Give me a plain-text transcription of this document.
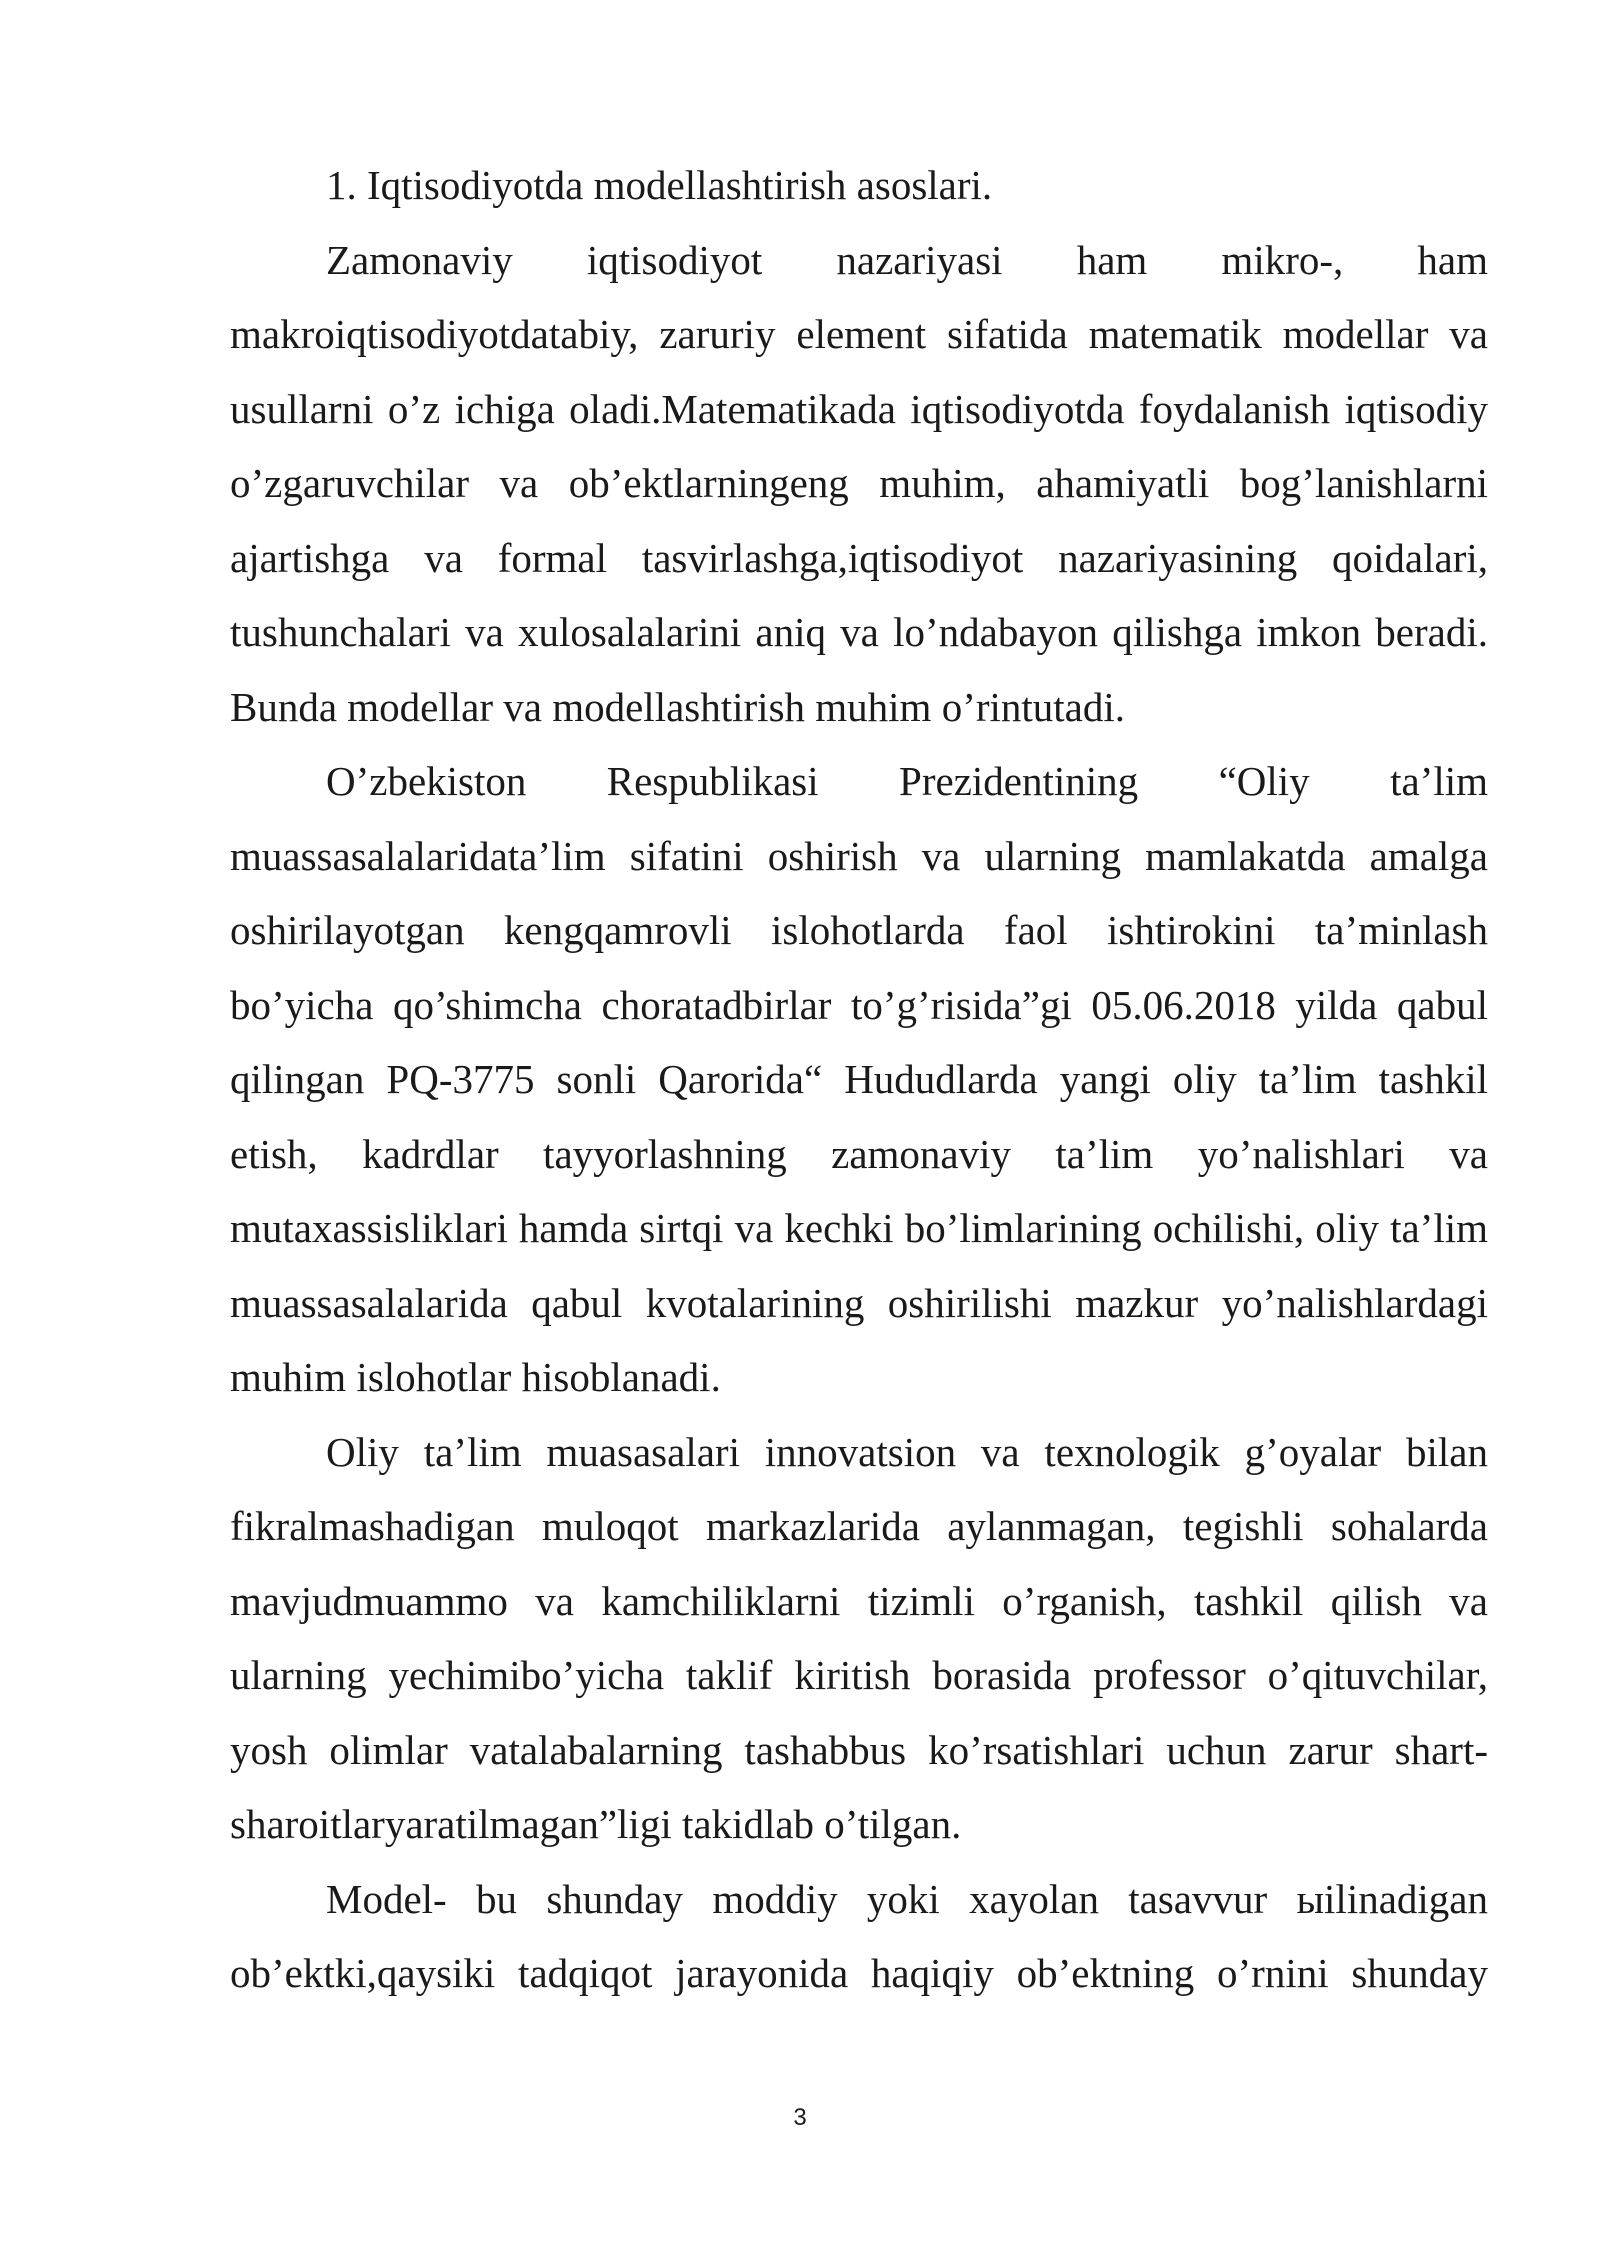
1. Iqtisodiyotda modellashtirish asoslari.

Zamonaviy iqtisodiyot nazariyasi ham mikro-, ham makroiqtisodiyotdatabiy, zaruriy element sifatida matematik modellar va usullarni o’z ichiga oladi.Matematikada iqtisodiyotda foydalanish iqtisodiy o’zgaruvchilar va ob’ektlarningeng muhim, ahamiyatli bog’lanishlarni ajartishga va formal tasvirlashga,iqtisodiyot nazariyasining qoidalari, tushunchalari va xulosalalarini aniq va lo’ndabayon qilishga imkon beradi. Bunda modellar va modellashtirish muhim o’rintutadi.

O’zbekiston Respublikasi Prezidentining “Oliy ta’lim muassasalalaridata’lim sifatini oshirish va ularning mamlakatda amalga oshirilayotgan kengqamrovli islohotlarda faol ishtirokini ta’minlash bo’yicha qo’shimcha choratadbirlar to’g’risida”gi 05.06.2018 yilda qabul qilingan PQ-3775 sonli Qarorida“ Hududlarda yangi oliy ta’lim tashkil etish, kadrdlar tayyorlashning zamonaviy ta’lim yo’nalishlari va mutaxassisliklari hamda sirtqi va kechki bo’limlarining ochilishi, oliy ta’lim muassasalalarida qabul kvotalarining oshirilishi mazkur yo’nalishlardagi muhim islohotlar hisoblanadi.

Oliy ta’lim muasasalari innovatsion va texnologik g’oyalar bilan fikralmashadigan muloqot markazlarida aylanmagan, tegishli sohalarda mavjudmuammo va kamchiliklarni tizimli o’rganish, tashkil qilish va ularning yechimibo’yicha taklif kiritish borasida professor o’qituvchilar, yosh olimlar vatalabalarning tashabbus ko’rsatishlari uchun zarur shart-sharoitlaryaratilmagan”ligi takidlab o’tilgan.

Model- bu shunday moddiy yoki xayolan tasavvur ыilinadigan ob’ektki,qaysiki tadqiqot jarayonida haqiqiy ob’ektning o’rnini shunday

3
